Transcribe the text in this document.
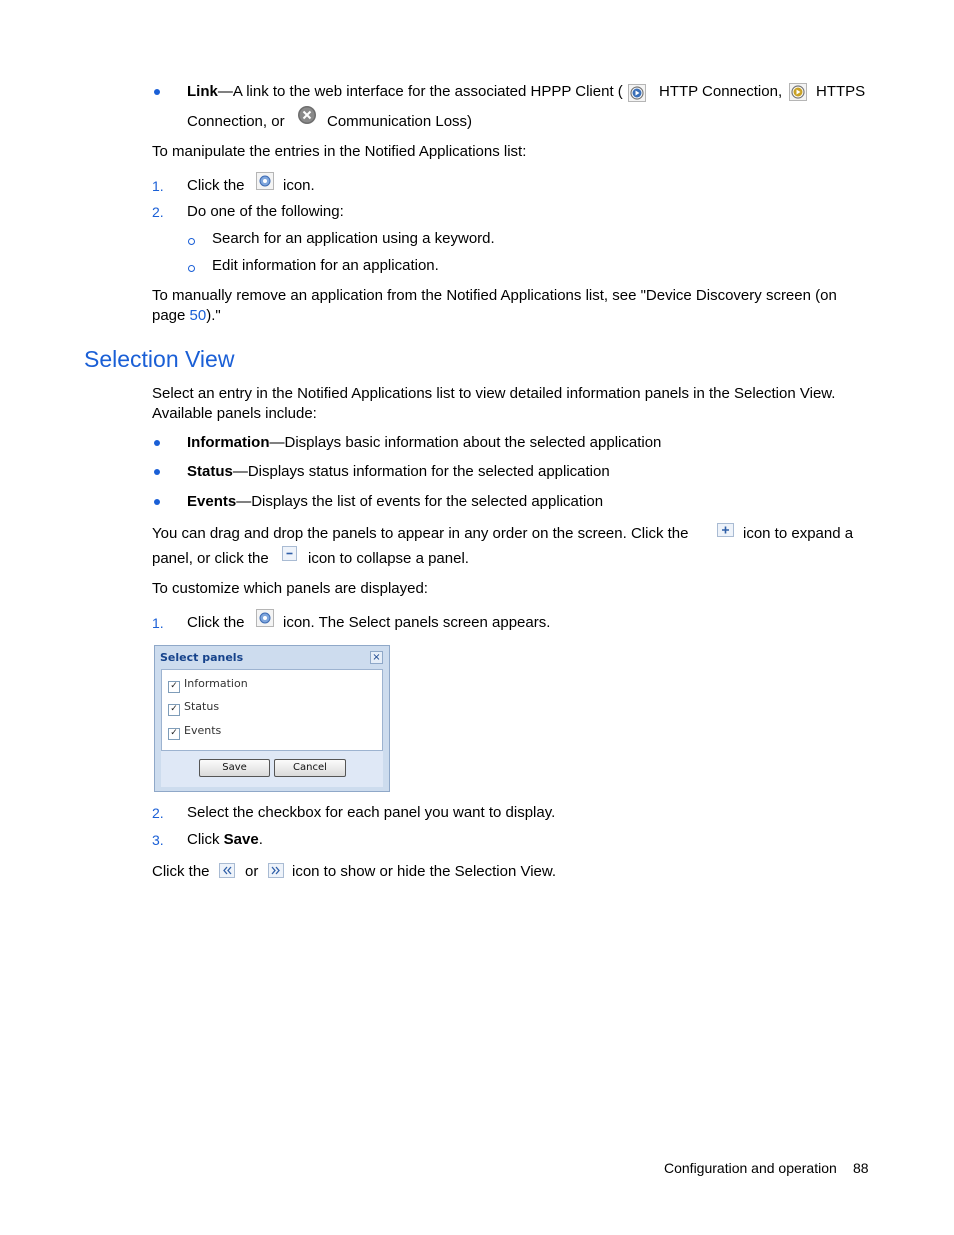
Link—A link to the web interface for the associated HPPP Client ( HTTP Connection, HTTPS
Connection, or	Communication Loss)
To manipulate the entries in the Notified Applications list:
1. Click the	icon.
2. Do one of the following:
Search for an application using a keyword.
Edit information for an application.
To manually remove an application from the Notified Applications list, see "Device Discovery screen (on
page 50)."
Selection View
Select an entry in the Notified Applications list to view detailed information panels in the Selection View.
Available panels include:
Information—Displays basic information about the selected application
Status—Displays status information for the selected application
Events—Displays the list of events for the selected application
You can drag and drop the panels to appear in any order on the screen. Click the	icon to expand a
panel, or click the	icon to collapse a panel.
To customize which panels are displayed:
1. Click the	icon. The Select panels screen appears.
Select panels	×
✓ Information
✓ Status
✓ Events
Save	Cancel
2. Select the checkbox for each panel you want to display.
3. Click Save.
Click the or icon to show or hide the Selection View.
Configuration and operation 88
